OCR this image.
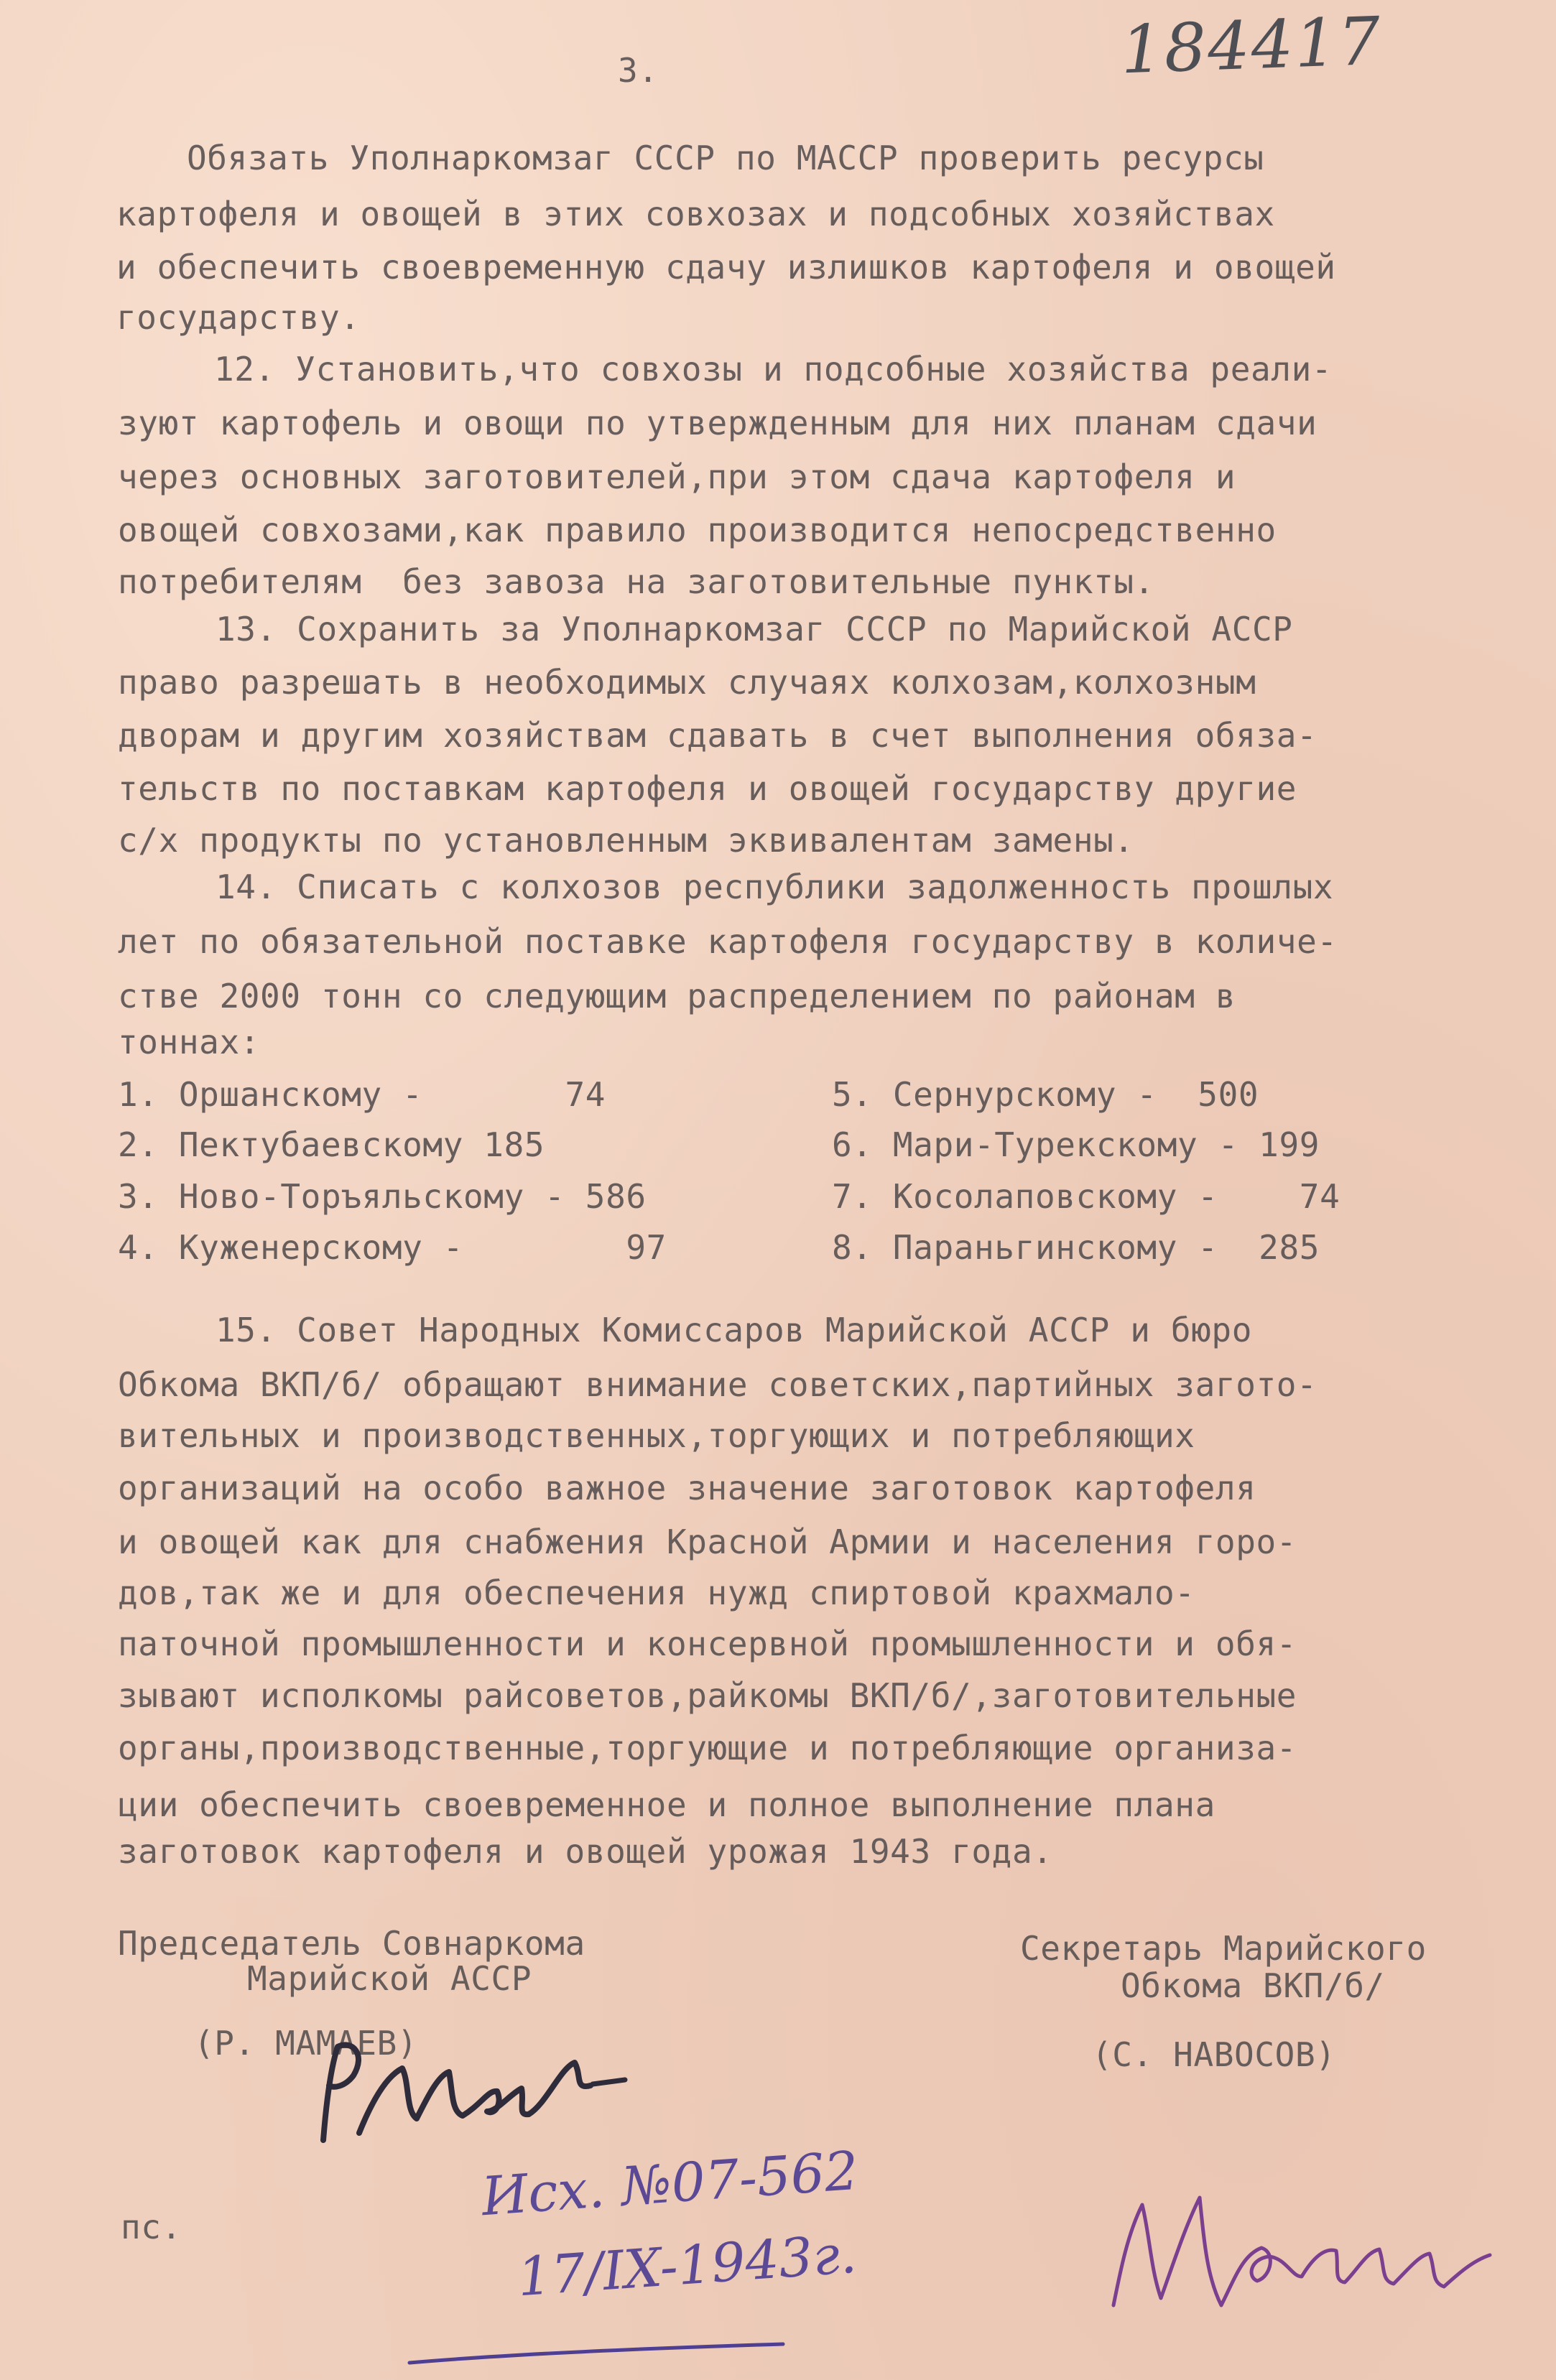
184417
3.
Обязать Уполнаркомзаг СССР по МАССР проверить ресурсы
картофеля и овощей в этих совхозах и подсобных хозяйствах
и обеспечить своевременную сдачу излишков картофеля и овощей
государству.
12. Установить,что совхозы и подсобные хозяйства реали-
зуют картофель и овощи по утвержденным для них планам сдачи
через основных заготовителей,при этом сдача картофеля и
овощей совхозами,как правило производится непосредственно
потребителям  без завоза на заготовительные пункты.
13. Сохранить за Уполнаркомзаг СССР по Марийской АССР
право разрешать в необходимых случаях колхозам,колхозным
дворам и другим хозяйствам сдавать в счет выполнения обяза-
тельств по поставкам картофеля и овощей государству другие
с/х продукты по установленным эквивалентам замены.
14. Списать с колхозов республики задолженность прошлых
лет по обязательной поставке картофеля государству в количе-
стве 2000 тонн со следующим распределением по районам в
тоннах:
1. Оршанскому -       74
2. Пектубаевскому 185
3. Ново-Торъяльскому - 586
4. Куженерскому -        97
5. Сернурскому -  500
6. Мари-Турекскому - 199
7. Косолаповскому -    74
8. Параньгинскому -  285
15. Совет Народных Комиссаров Марийской АССР и бюро
Обкома ВКП/б/ обращают внимание советских,партийных загото-
вительных и производственных,торгующих и потребляющих
организаций на особо важное значение заготовок картофеля
и овощей как для снабжения Красной Армии и населения горо-
дов,так же и для обеспечения нужд спиртовой крахмало-
паточной промышленности и консервной промышленности и обя-
зывают исполкомы райсоветов,райкомы ВКП/б/,заготовительные
органы,производственные,торгующие и потребляющие организа-
ции обеспечить своевременное и полное выполнение плана
заготовок картофеля и овощей урожая 1943 года.
Председатель Совнаркома
Марийской АССР
(Р. МАМАЕВ)
Секретарь Марийского
Обкома ВКП/б/
(С. НАВОСОВ)
пс.	Исх. №07-562
17/IX-1943г.
